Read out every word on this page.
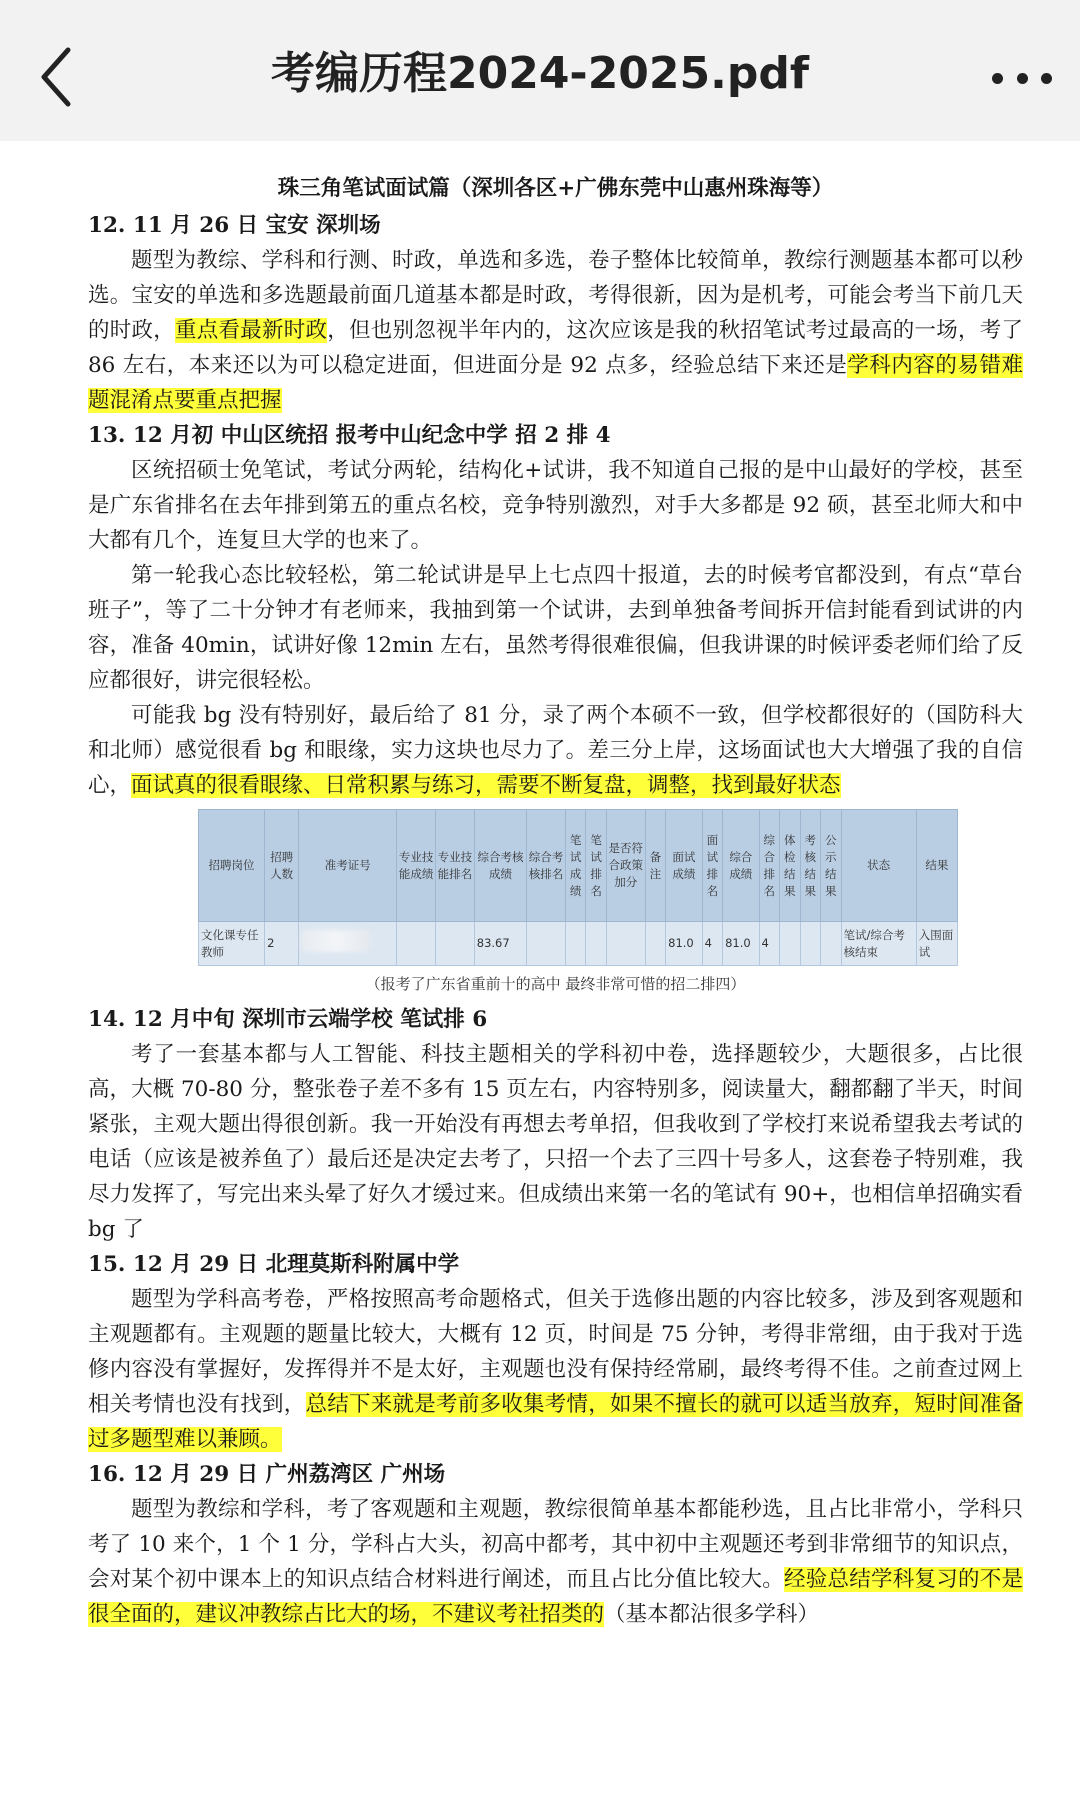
考编历程2024-2025.pdf
珠三角笔试面试篇（深圳各区+广佛东莞中山惠州珠海等）
12. 11 月 26 日 宝安 深圳场
题型为教综、学科和行测、时政，单选和多选，卷子整体比较简单，教综行测题基本都可以秒选。宝安的单选和多选题最前面几道基本都是时政，考得很新，因为是机考，可能会考当下前几天的时政，重点看最新时政，但也别忽视半年内的，这次应该是我的秋招笔试考过最高的一场，考了 86 左右，本来还以为可以稳定进面，但进面分是 92 点多，经验总结下来还是学科内容的易错难题混淆点要重点把握
13. 12 月初 中山区统招 报考中山纪念中学 招 2 排 4
区统招硕士免笔试，考试分两轮，结构化+试讲，我不知道自己报的是中山最好的学校，甚至是广东省排名在去年排到第五的重点名校，竞争特别激烈，对手大多都是 92 硕，甚至北师大和中大都有几个，连复旦大学的也来了。
第一轮我心态比较轻松，第二轮试讲是早上七点四十报道，去的时候考官都没到，有点“草台班子”，等了二十分钟才有老师来，我抽到第一个试讲，去到单独备考间拆开信封能看到试讲的内容，准备 40min，试讲好像 12min 左右，虽然考得很难很偏，但我讲课的时候评委老师们给了反应都很好，讲完很轻松。
可能我 bg 没有特别好，最后给了 81 分，录了两个本硕不一致，但学校都很好的（国防科大和北师）感觉很看 bg 和眼缘，实力这块也尽力了。差三分上岸，这场面试也大大增强了我的自信心，面试真的很看眼缘、日常积累与练习，需要不断复盘，调整，找到最好状态
招聘岗位	招聘人数	准考证号	专业技能成绩	专业技能排名	综合考核成绩	综合考核排名	笔试成绩	笔试排名	是否符合政策加分	备注	面试成绩	面试排名	综合成绩	综合排名	体检结果	考核结果	公示结果	状态	结果
文化课专任教师	2				83.67						81.0	4	81.0	4				笔试/综合考核结束	入围面试
（报考了广东省重前十的高中 最终非常可惜的招二排四）
14. 12 月中旬 深圳市云端学校 笔试排 6
考了一套基本都与人工智能、科技主题相关的学科初中卷，选择题较少，大题很多，占比很高，大概 70-80 分，整张卷子差不多有 15 页左右，内容特别多，阅读量大，翻都翻了半天，时间紧张，主观大题出得很创新。我一开始没有再想去考单招，但我收到了学校打来说希望我去考试的电话（应该是被养鱼了）最后还是决定去考了，只招一个去了三四十号多人，这套卷子特别难，我尽力发挥了，写完出来头晕了好久才缓过来。但成绩出来第一名的笔试有 90+，也相信单招确实看 bg 了
15. 12 月 29 日 北理莫斯科附属中学
题型为学科高考卷，严格按照高考命题格式，但关于选修出题的内容比较多，涉及到客观题和主观题都有。主观题的题量比较大，大概有 12 页，时间是 75 分钟，考得非常细，由于我对于选修内容没有掌握好，发挥得并不是太好，主观题也没有保持经常刷，最终考得不佳。之前查过网上相关考情也没有找到，总结下来就是考前多收集考情，如果不擅长的就可以适当放弃，短时间准备过多题型难以兼顾。
16. 12 月 29 日 广州荔湾区 广州场
题型为教综和学科，考了客观题和主观题，教综很简单基本都能秒选，且占比非常小，学科只考了 10 来个，1 个 1 分，学科占大头，初高中都考，其中初中主观题还考到非常细节的知识点，会对某个初中课本上的知识点结合材料进行阐述，而且占比分值比较大。经验总结学科复习的不是很全面的，建议冲教综占比大的场，不建议考社招类的（基本都沾很多学科）
